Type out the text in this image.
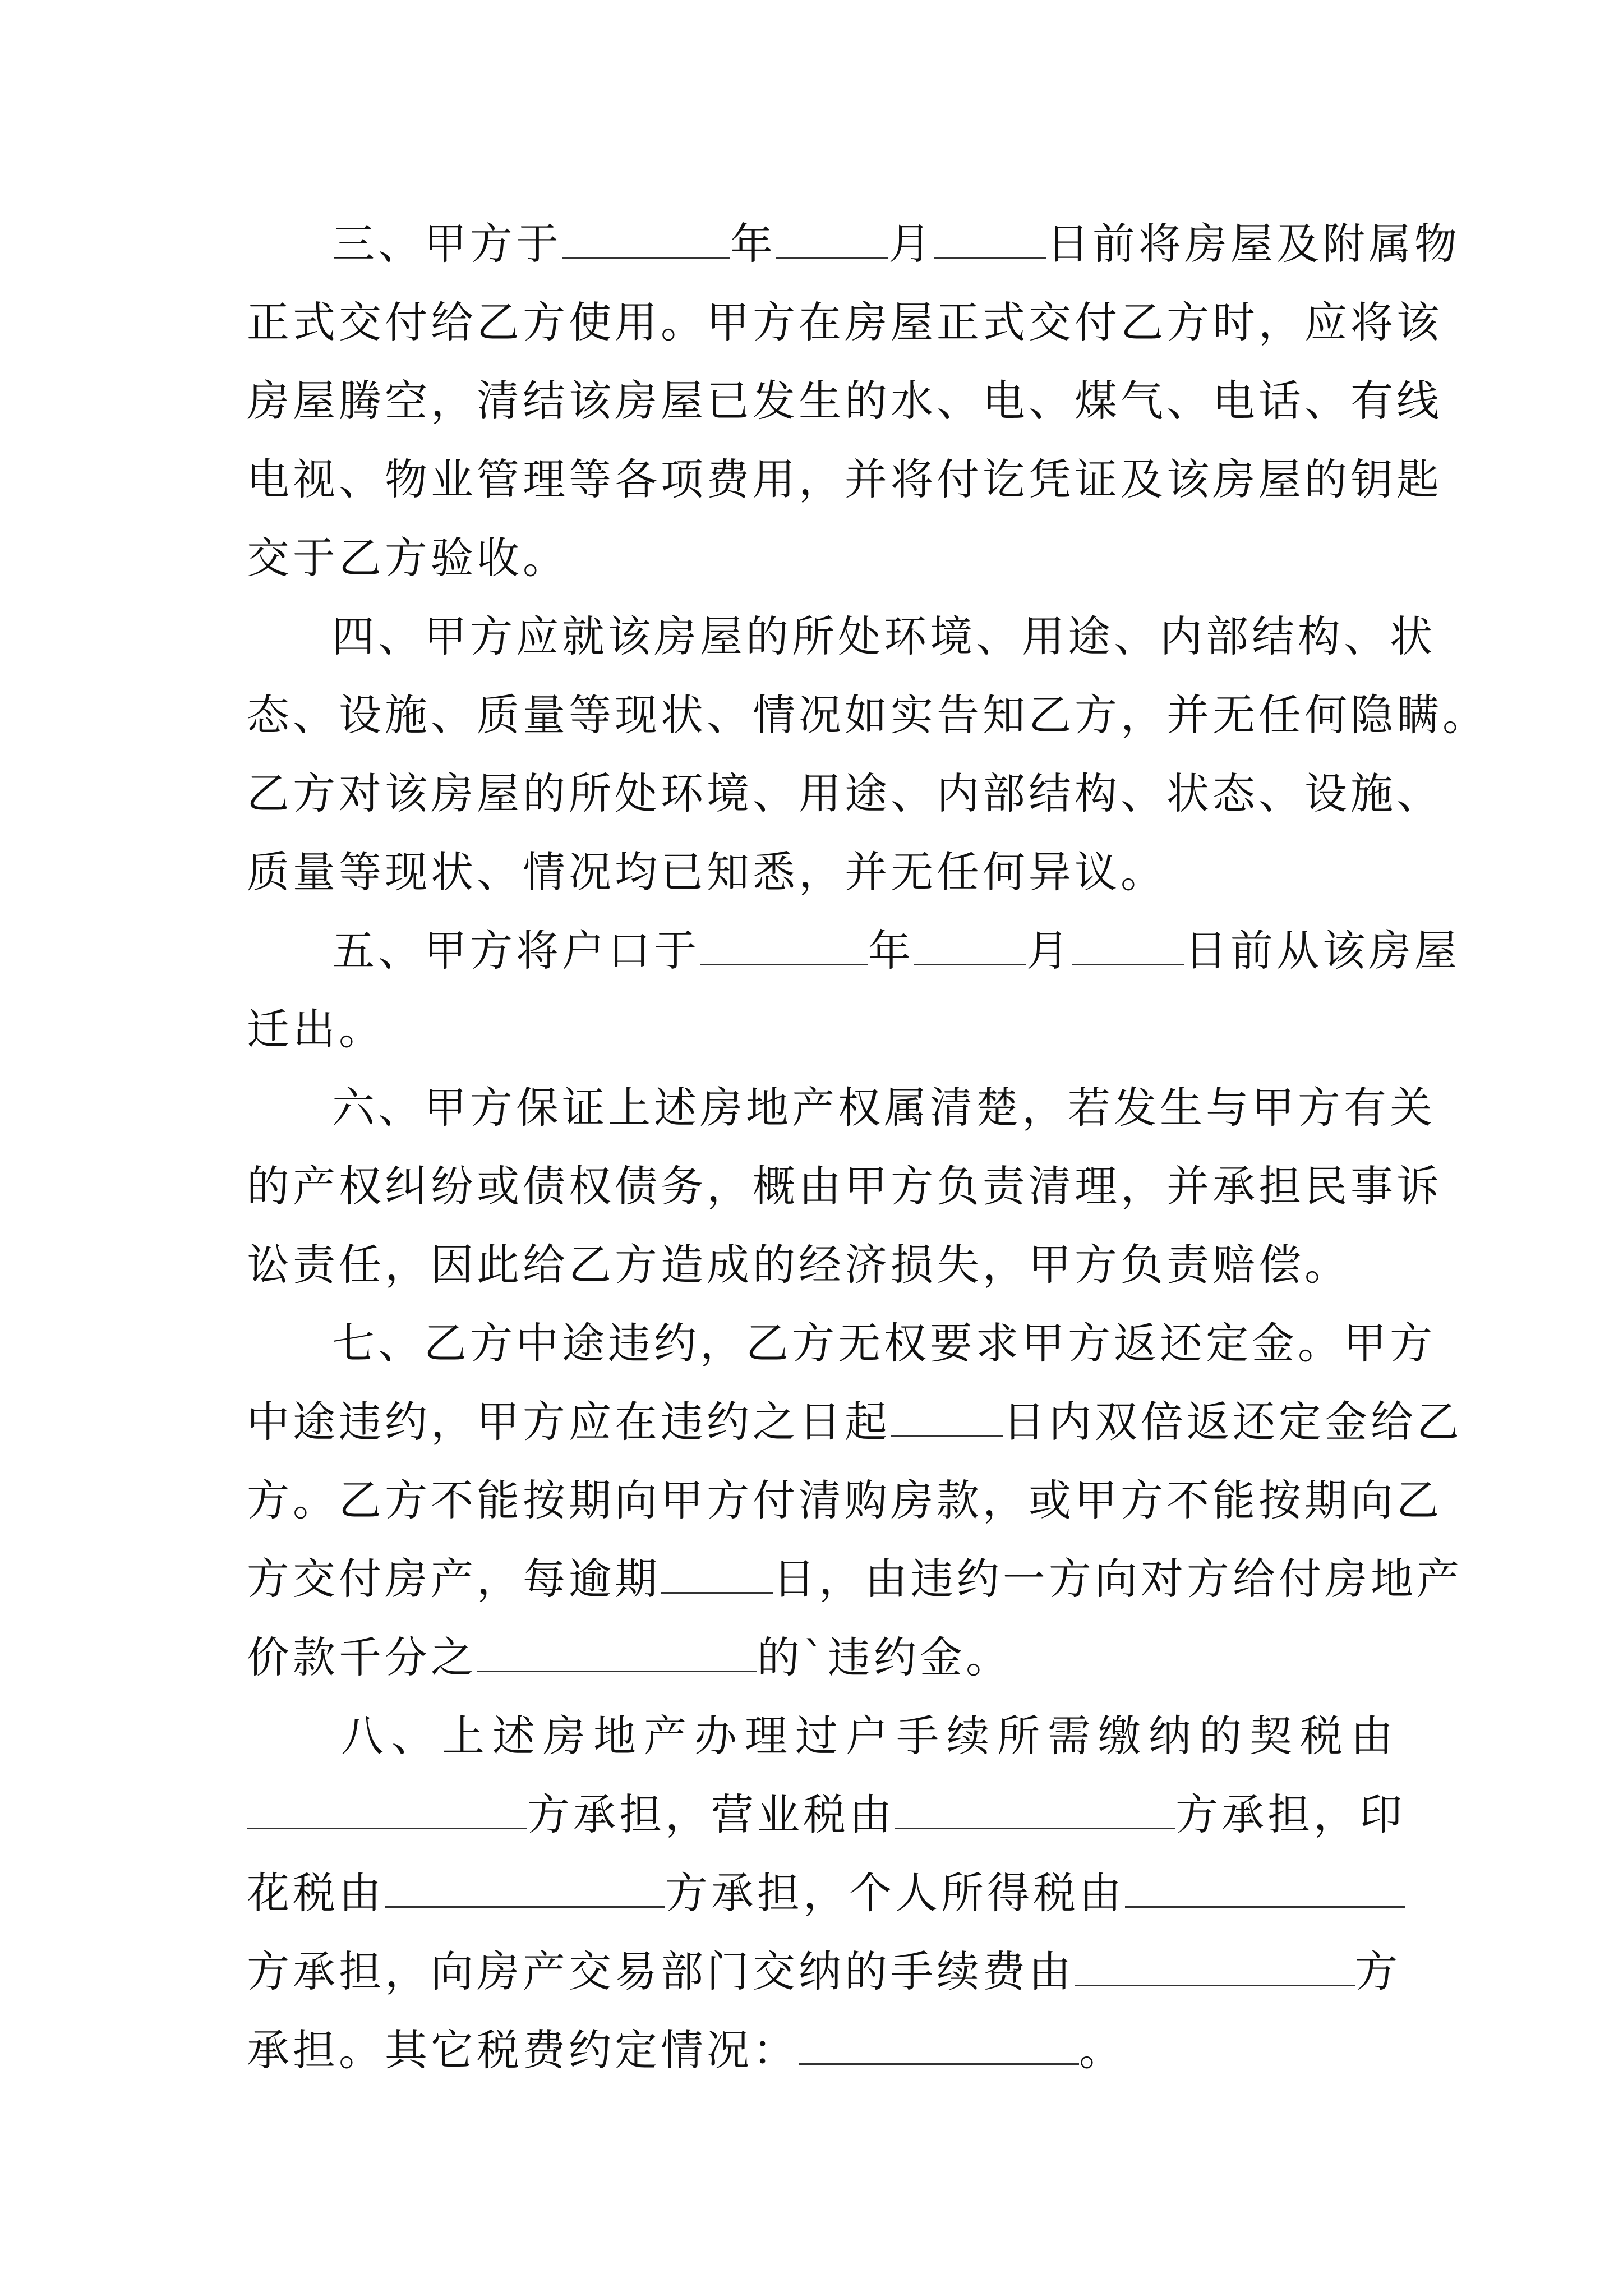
三、甲方于	年	月	日前将房屋及附属物
正式交付给乙方使用。甲方在房屋正式交付乙方时，应将该
房屋腾空，清结该房屋已发生的水、电、煤气、电话、有线
电视、物业管理等各项费用，并将付讫凭证及该房屋的钥匙
交于乙方验收。
四、甲方应就该房屋的所处环境、用途、内部结构、状
态、设施、质量等现状、情况如实告知乙方，并无任何隐瞒。
乙方对该房屋的所处环境、用途、内部结构、状态、设施、
质量等现状、情况均已知悉，并无任何异议。
五、甲方将户口于	年	月	日前从该房屋
迁出。
六、甲方保证上述房地产权属清楚，若发生与甲方有关
的产权纠纷或债权债务，概由甲方负责清理，并承担民事诉
讼责任，因此给乙方造成的经济损失，甲方负责赔偿。
七、乙方中途违约，乙方无权要求甲方返还定金。甲方
中途违约，甲方应在违约之日起	日内双倍返还定金给乙
方。乙方不能按期向甲方付清购房款，或甲方不能按期向乙
方交付房产，每逾期	日，由违约一方向对方给付房地产
价款千分之	的`违约金。
八、上述房地产办理过户手续所需缴纳的契税由
方承担，营业税由	方承担，印
花税由	方承担，个人所得税由
方承担，向房产交易部门交纳的手续费由	方
承担。其它税费约定情况：	。
